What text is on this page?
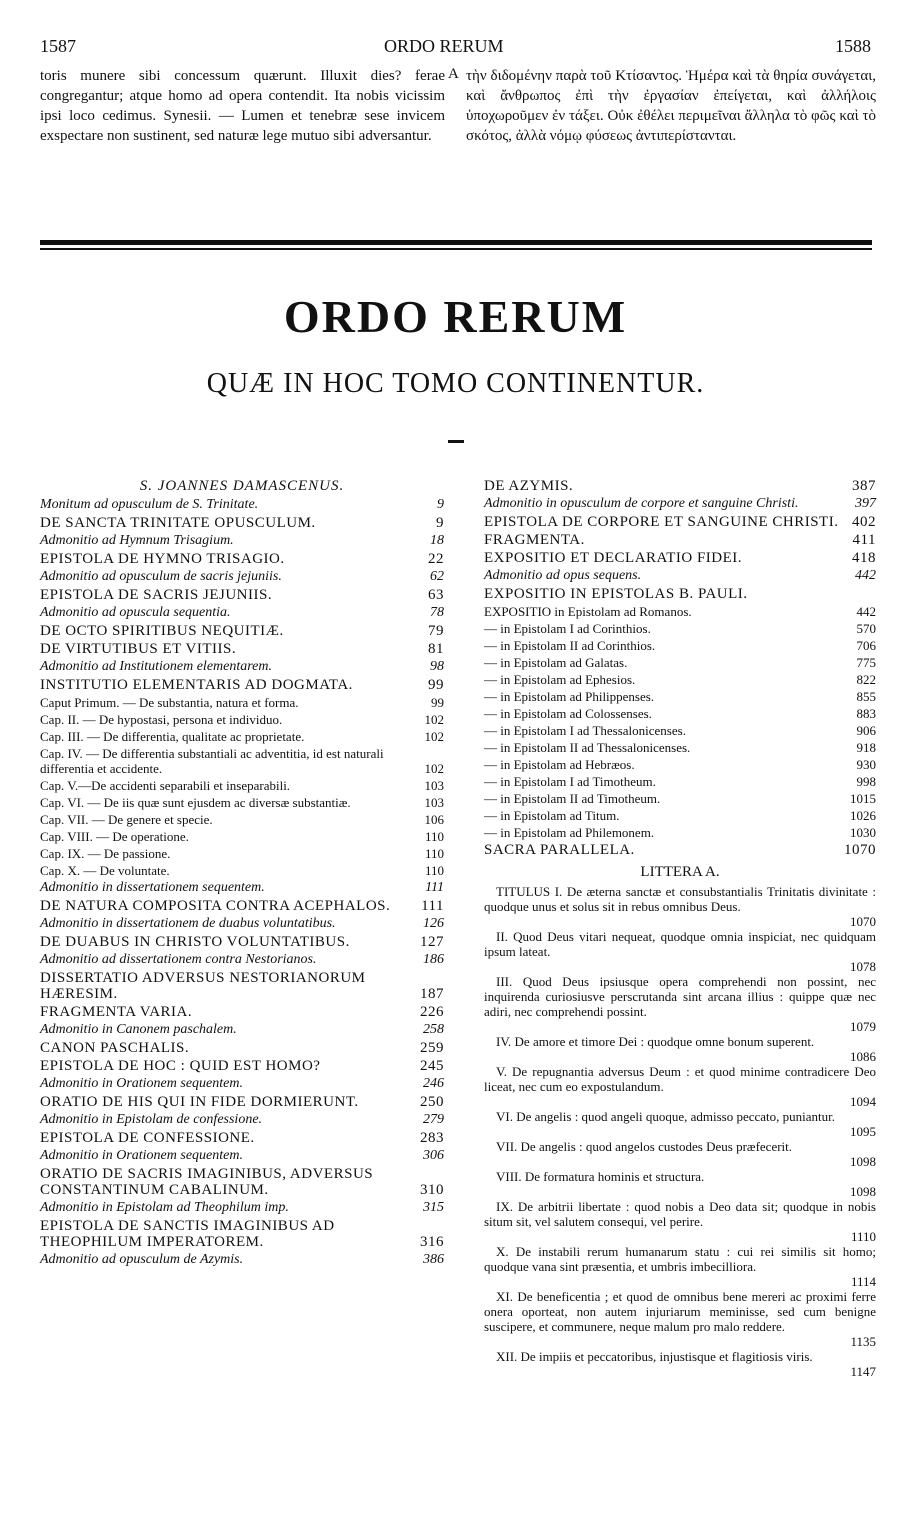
1587	ORDO RERUM	1588
toris munere sibi concessum quærunt. Illuxit dies? ferae congregantur; atque homo ad opera contendit. Ita nobis vicissim ipsi loco cedimus. Synesii. — Lumen et tenebræ sese invicem exspectare non sustinent, sed naturæ lege mutuo sibi adversantur.
A τὴν διδομένην παρὰ τοῦ Κτίσαντος. Ἡμέρα καὶ τὰ θηρία συνάγεται, καὶ ἄνθρωπος ἐπὶ τὴν ἐργασίαν ἐπείγεται, καὶ ἀλλήλοις ὑποχωροῦμεν ἐν τάξει. Οὐκ ἐθέλει περιμεῖναι ἄλληλα τὸ φῶς καὶ τὸ σκότος, ἀλλὰ νόμῳ φύσεως ἀντιπερίστανται.
ORDO RERUM
QUÆ IN HOC TOMO CONTINENTUR.
S. JOANNES DAMASCENUS.
Monitum ad opusculum de S. Trinitate.	9
DE SANCTA TRINITATE OPUSCULUM.	9
Admonitio ad Hymnum Trisagium.	18
EPISTOLA DE HYMNO TRISAGIO.	22
Admonitio ad opusculum de sacris jejuniis.	62
EPISTOLA DE SACRIS JEJUNIIS.	63
Admonitio ad opuscula sequentia.	78
DE OCTO SPIRITIBUS NEQUITIÆ.	79
DE VIRTUTIBUS ET VITIIS.	81
Admonitio ad Institutionem elementarem.	98
INSTITUTIO ELEMENTARIS AD DOGMATA.	99
Caput Primum. — De substantia, natura et forma.	99
Cap. II. — De hypostasi, persona et individuo.	102
Cap. III. — De differentia, qualitate ac proprietate.	102
Cap. IV. — De differentia substantiali ac adventitia, id est naturali differentia et accidente.	102
Cap. V.—De accidenti separabili et inseparabili.	103
Cap. VI. — De iis quæ sunt ejusdem ac diversæ substantiæ.	103
Cap. VII. — De genere et specie.	106
Cap. VIII. — De operatione.	110
Cap. IX. — De passione.	110
Cap. X. — De voluntate.	110
Admonitio in dissertationem sequentem.	111
DE NATURA COMPOSITA CONTRA ACEPHALOS. 111
Admonitio in dissertationem de duabus voluntatibus.	126
DE DUABUS IN CHRISTO VOLUNTATIBUS.	127
Admonitio ad dissertationem contra Nestorianos.	186
DISSERTATIO ADVERSUS NESTORIANORUM HÆRESIM.	187
FRAGMENTA VARIA.	226
Admonitio in Canonem paschalem.	258
CANON PASCHALIS.	259
EPISTOLA DE HOC : QUID EST HOMO?	245
Admonitio in Orationem sequentem.	246
ORATIO DE HIS QUI IN FIDE DORMIERUNT.	250
Admonitio in Epistolam de confessione.	279
EPISTOLA DE CONFESSIONE.	283
Admonitio in Orationem sequentem.	306
ORATIO DE SACRIS IMAGINIBUS, ADVERSUS CONSTANTINUM CABALINUM.	310
Admonitio in Epistolam ad Theophilum imp.	315
EPISTOLA DE SANCTIS IMAGINIBUS AD THEOPHILUM IMPERATOREM.	316
Admonitio ad opusculum de Azymis.	386
DE AZYMIS.	387
Admonitio in opusculum de corpore et sanguine Christi.	397
EPISTOLA DE CORPORE ET SANGUINE CHRISTI. 402
FRAGMENTA.	411
EXPOSITIO ET DECLARATIO FIDEI.	418
Admonitio ad opus sequens.	442
EXPOSITIO IN EPISTOLAS B. PAULI.
EXPOSITIO in Epistolam ad Romanos.	442
— in Epistolam I ad Corinthios.	570
— in Epistolam II ad Corinthios.	706
— in Epistolam ad Galatas.	775
— in Epistolam ad Ephesios.	822
— in Epistolam ad Philippenses.	855
— in Epistolam ad Colossenses.	883
— in Epistolam I ad Thessalonicenses.	906
— in Epistolam II ad Thessalonicenses.	918
— in Epistolam ad Hebræos.	930
— in Epistolam I ad Timotheum.	998
— in Epistolam II ad Timotheum.	1015
— in Epistolam ad Titum.	1026
— in Epistolam ad Philemonem.	1030
SACRA PARALLELA.	1070
LITTERA A.
TITULUS I. De æterna sanctæ et consubstantialis Trinitatis divinitate : quodque unus et solus sit in rebus omnibus Deus.
1070
II. Quod Deus vitari nequeat, quodque omnia inspiciat, nec quidquam ipsum lateat.
1078
III. Quod Deus ipsiusque opera comprehendi non possint, nec inquirenda curiosiusve perscrutanda sint arcana illius : quippe quæ nec adiri, nec comprehendi possint.
1079
IV. De amore et timore Dei : quodque omne bonum superent.
1086
V. De repugnantia adversus Deum : et quod minime contradicere Deo liceat, nec cum eo expostulandum.
1094
VI. De angelis : quod angeli quoque, admisso peccato, puniantur.
1095
VII. De angelis : quod angelos custodes Deus præfecerit.
1098
VIII. De formatura hominis et structura.
1098
IX. De arbitrii libertate : quod nobis a Deo data sit; quodque in nobis situm sit, vel salutem consequi, vel perire.
1110
X. De instabili rerum humanarum statu : cui rei similis sit homo; quodque vana sint præsentia, et umbris imbecilliora.
1114
XI. De beneficentia ; et quod de omnibus bene mereri ac proximi ferre onera oporteat, non autem injuriarum meminisse, sed cum benigne suscipere, et communere, neque malum pro malo reddere.
1135
XII. De impiis et peccatoribus, injustisque et flagitiosis viris.
1147
